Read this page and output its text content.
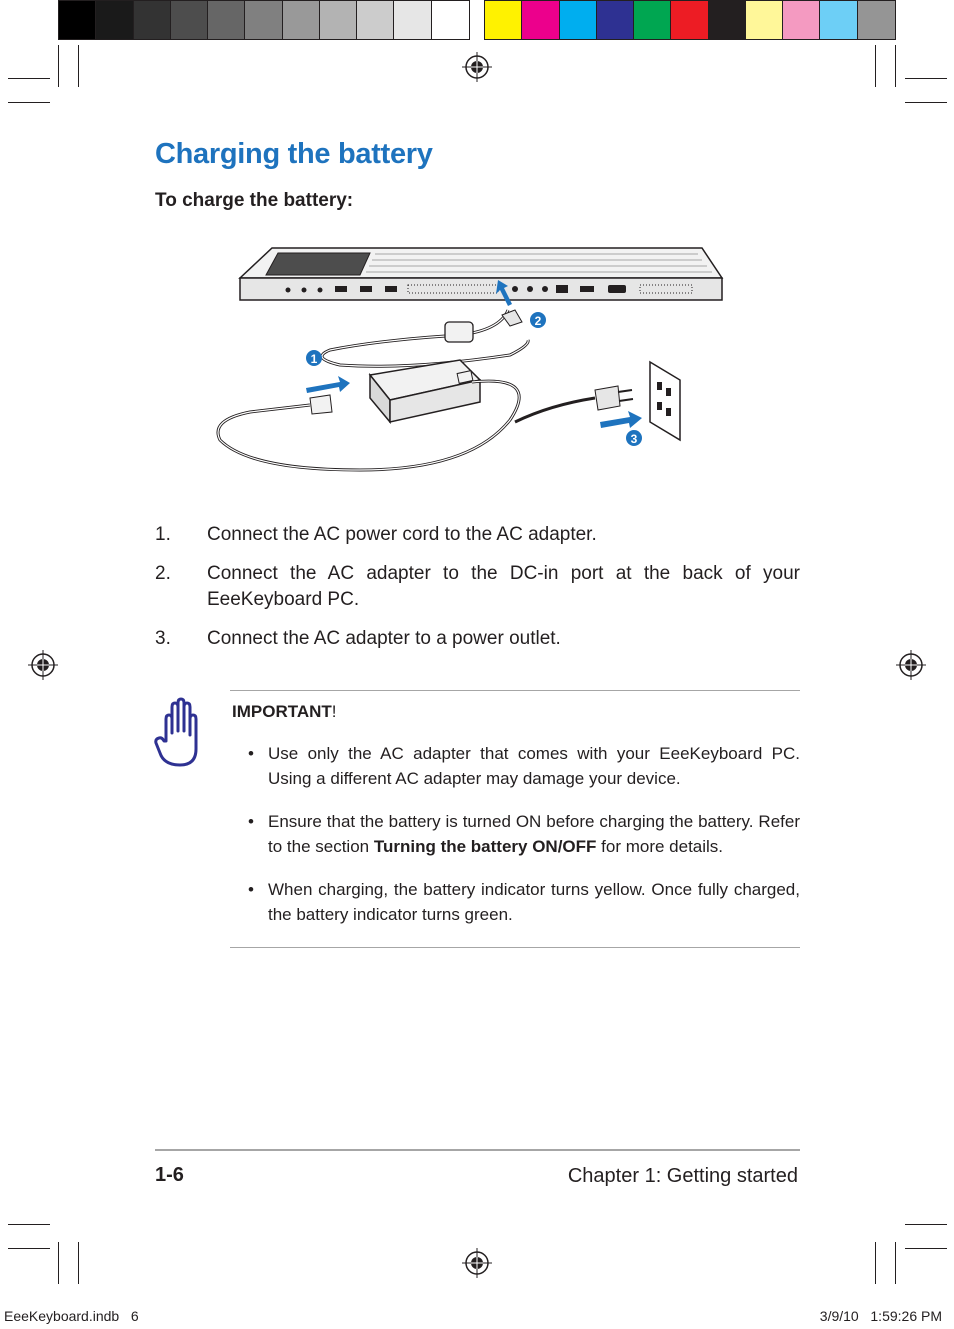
Charging the battery
To charge the battery:
1
2
3
1.	Connect the AC power cord to the AC adapter.
2.	Connect the AC adapter to the DC-in port at the back of your EeeKeyboard PC.
3.	Connect the AC adapter to a power outlet.
IMPORTANT!
• Use only the AC adapter that comes with your EeeKeyboard PC. Using a different AC adapter may damage your device.
• Ensure that the battery is turned ON before charging the battery. Refer to the section Turning the battery ON/OFF for more details.
• When charging, the battery indicator turns yellow. Once fully charged, the battery indicator turns green.
1-6	Chapter 1: Getting started
EeeKeyboard.indb   6	3/9/10   1:59:26 PM
